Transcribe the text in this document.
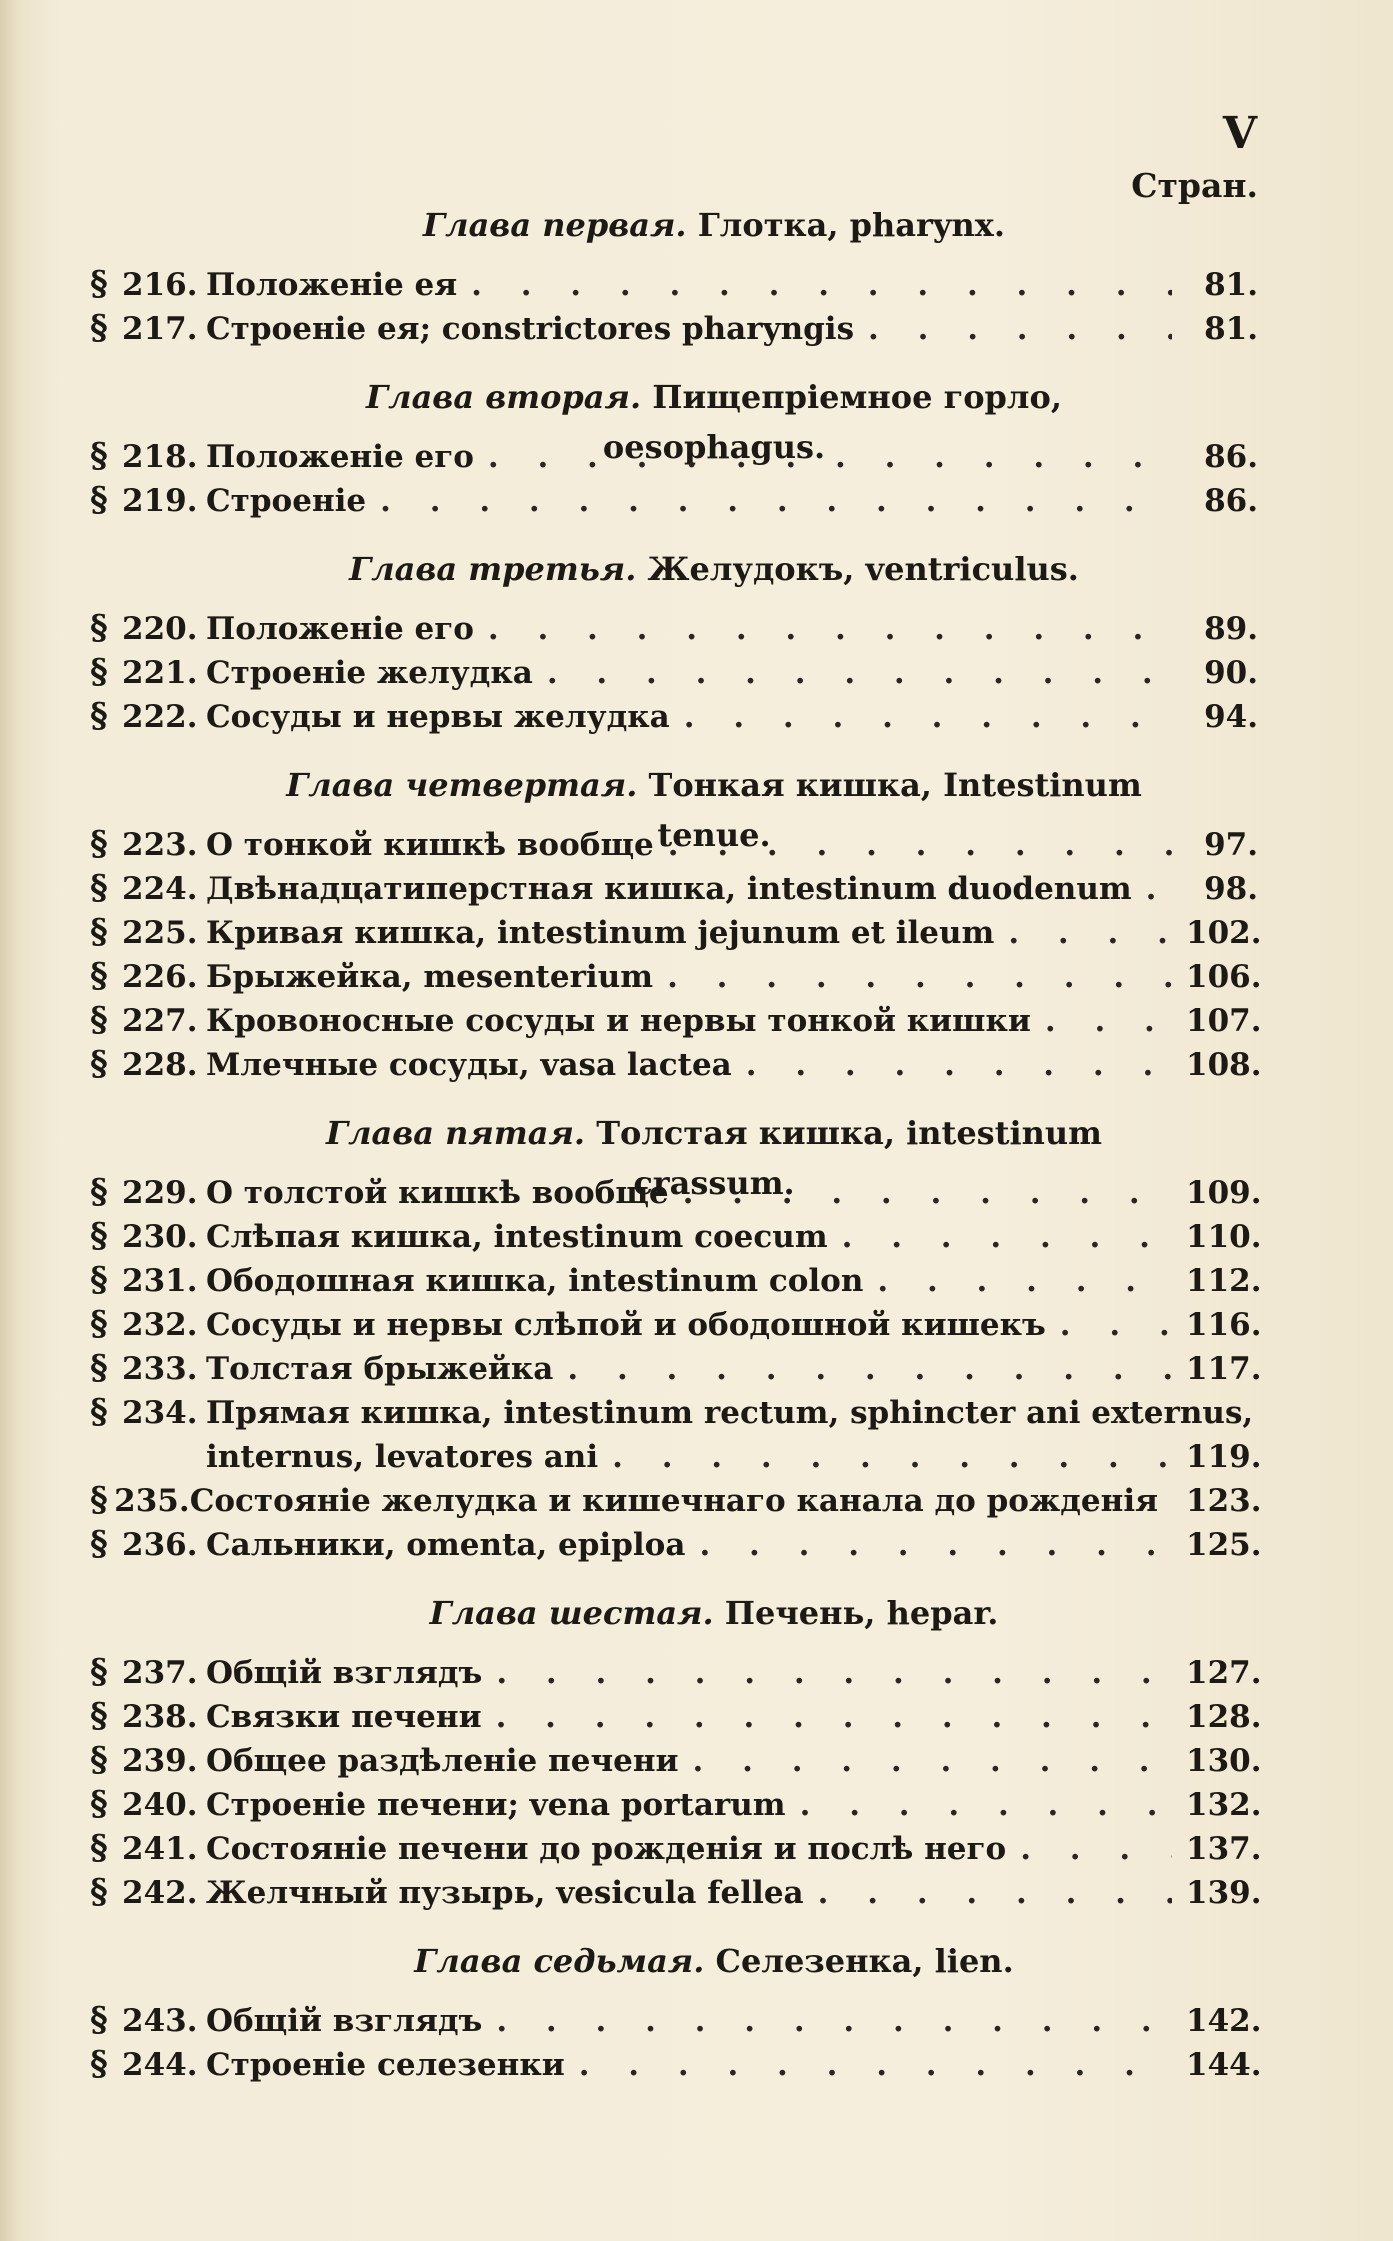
V
Стран.
Глава первая. Глотка, pharynx.
§ 216. Положеніе ея . . .	81.
§ 217. Строеніе ея; constrictores pharyngis . . .	81.
Глава вторая. Пищепріемное горло, oesophagus.
§ 218. Положеніе его . . .	86.
§ 219. Строеніе . . .	86.
Глава третья. Желудокъ, ventriculus.
§ 220. Положеніе его . . .	89.
§ 221. Строеніе желудка . . .	90.
§ 222. Сосуды и нервы желудка . . .	94.
Глава четвертая. Тонкая кишка, Intestinum tenue.
§ 223. О тонкой кишкѣ вообще . . .	97.
§ 224. Двѣнадцатиперстная кишка, intestinum duodenum . . .	98.
§ 225. Кривая кишка, intestinum jejunum et ileum . . .	102.
§ 226. Брыжейка, mesenterium . . .	106.
§ 227. Кровоносные сосуды и нервы тонкой кишки . . .	107.
§ 228. Млечные сосуды, vasa lactea . . .	108.
Глава пятая. Толстая кишка, intestinum crassum.
§ 229. О толстой кишкѣ вообще . . .	109.
§ 230. Слѣпая кишка, intestinum coecum . . .	110.
§ 231. Ободошная кишка, intestinum colon . . .	112.
§ 232. Сосуды и нервы слѣпой и ободошной кишекъ . . .	116.
§ 233. Толстая брыжейка . . .	117.
§ 234. Прямая кишка, intestinum rectum, sphincter ani externus,
internus, levatores ani . . .	119.
§ 235. Состояніе желудка и кишечнаго канала до рожденія 123.
§ 236. Сальники, omenta, epiploa . . .	125.
Глава шестая. Печень, hepar.
§ 237. Общій взглядъ . . .	127.
§ 238. Связки печени . . .	128.
§ 239. Общее раздѣленіе печени . . .	130.
§ 240. Строеніе печени; vena portarum . . .	132.
§ 241. Состояніе печени до рожденія и послѣ него . . .	137.
§ 242. Желчный пузырь, vesicula fellea . . .	139.
Глава седьмая. Селезенка, lien.
§ 243. Общій взглядъ . . .	142.
§ 244. Строеніе селезенки . . .	144.
